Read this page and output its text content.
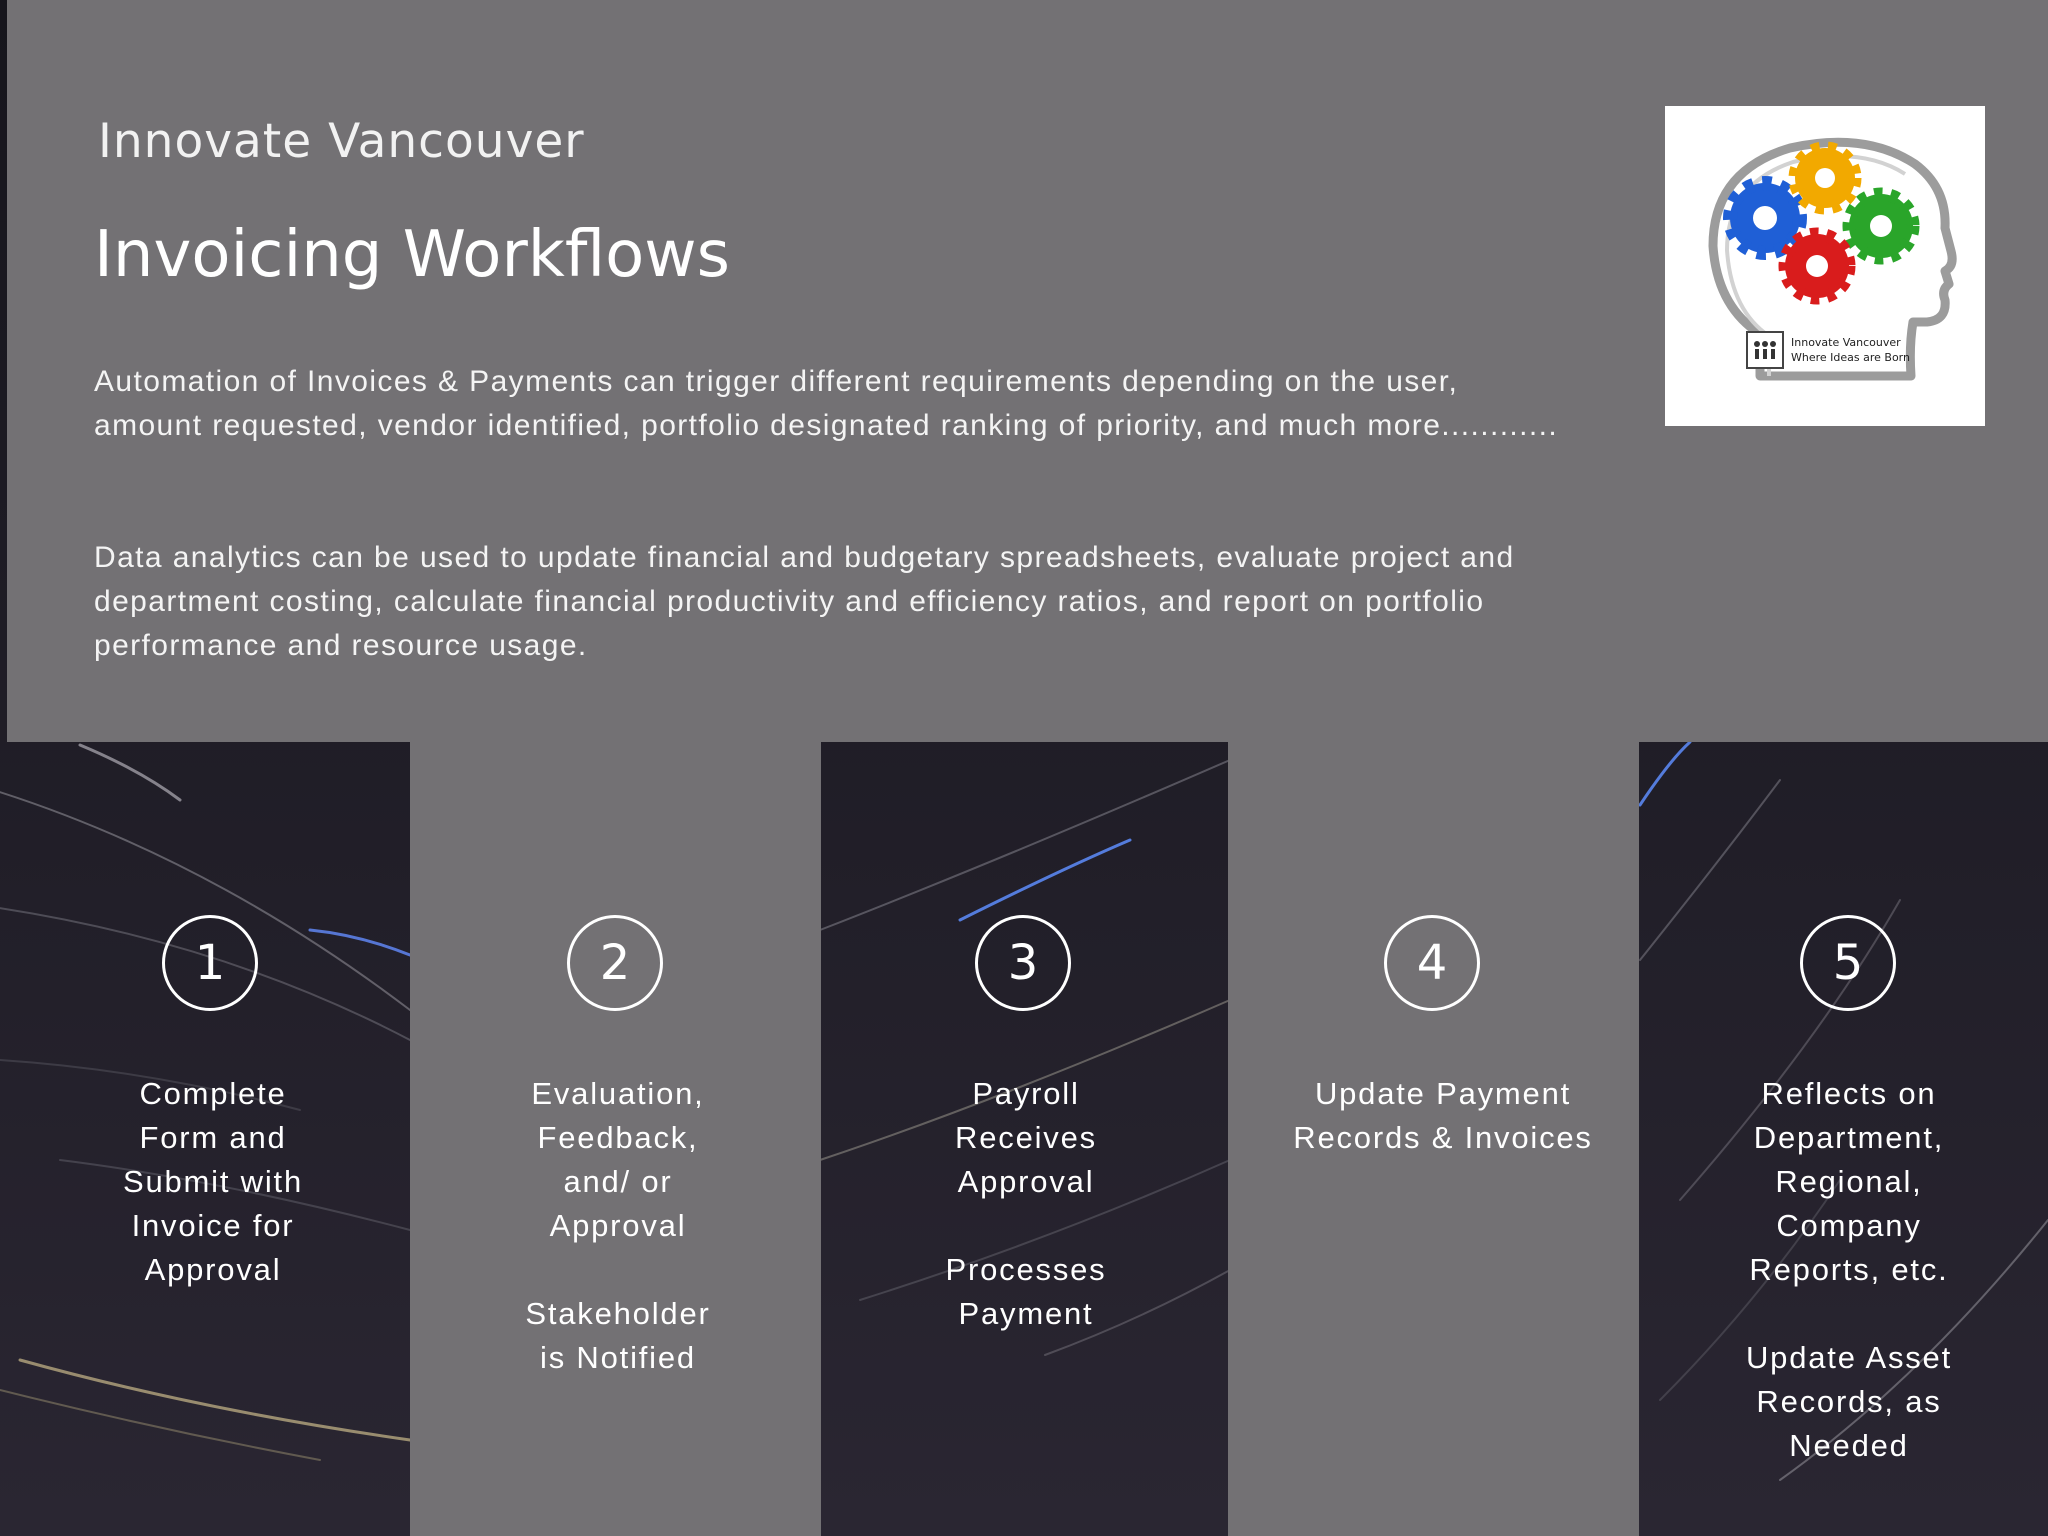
Innovate Vancouver
Invoicing Workflows

Automation of Invoices & Payments can trigger different requirements depending on the user, amount requested, vendor identified, portfolio designated ranking of priority, and much more............

Data analytics can be used to update financial and budgetary spreadsheets, evaluate project and department costing, calculate financial productivity and efficiency ratios, and report on portfolio performance and resource usage.

Innovate Vancouver
Where Ideas are Born
1
Complete
Form and
Submit with
Invoice for
Approval
2
Evaluation,
Feedback,
and/ or
Approval

Stakeholder
is Notified
3
Payroll
Receives
Approval

Processes
Payment
4
Update Payment
Records & Invoices
5
Reflects on
Department,
Regional,
Company
Reports, etc.

Update Asset
Records, as
Needed
